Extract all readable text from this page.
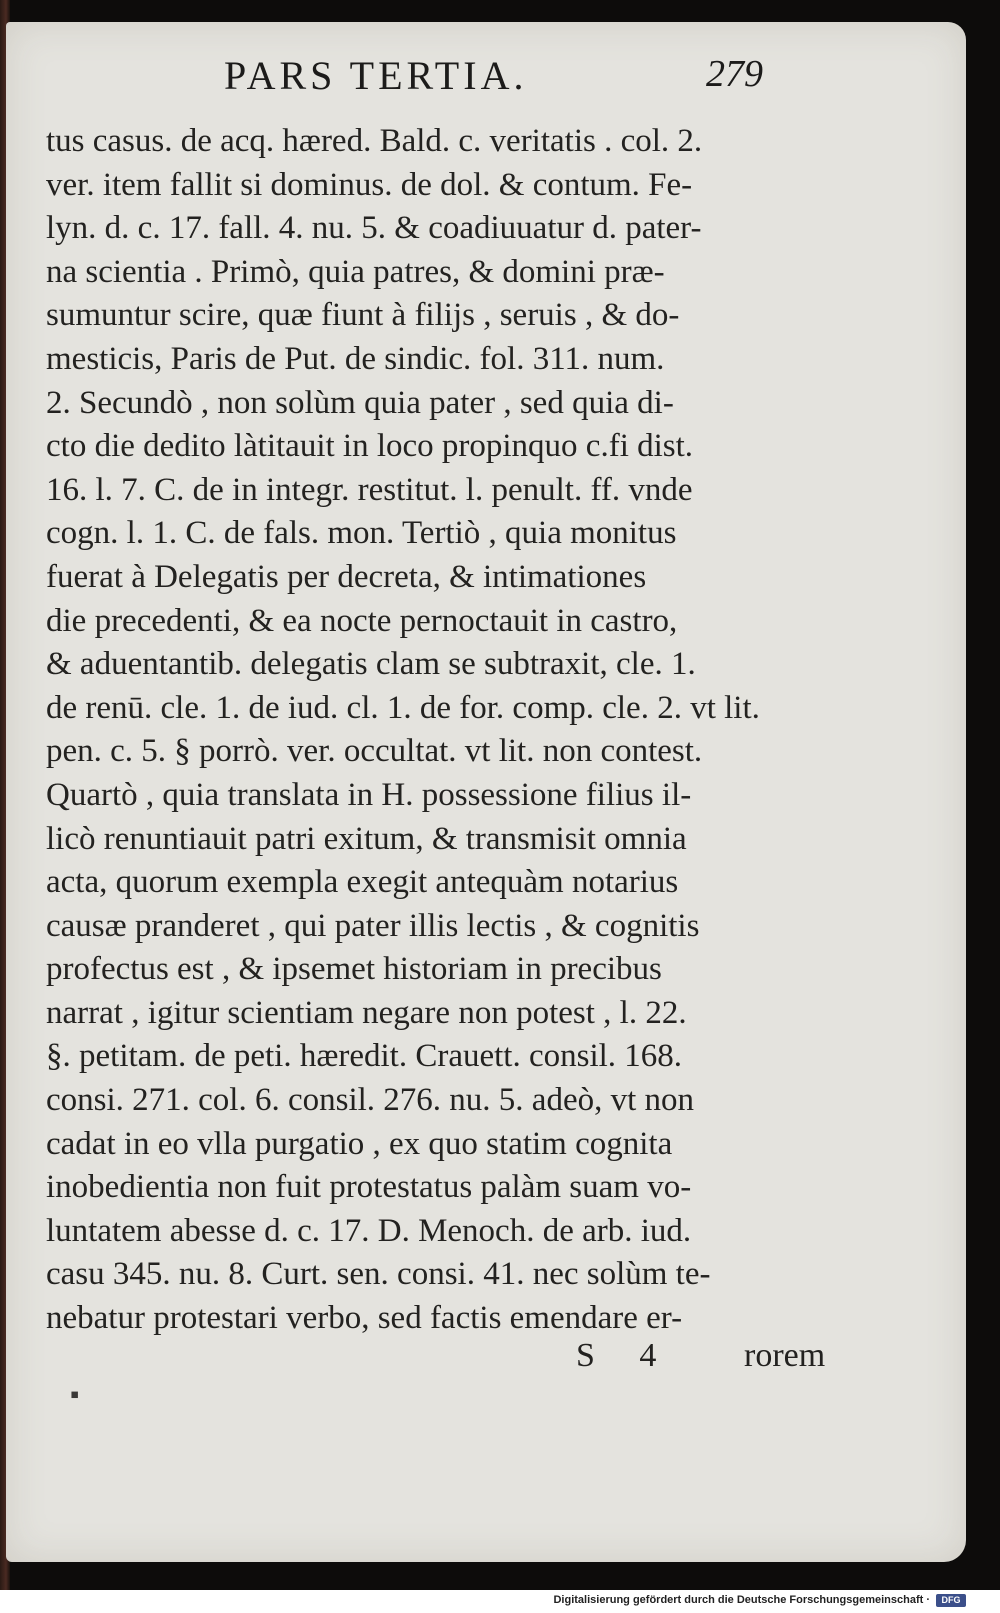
PARS TERTIA.	279
tus casus. de acq. hæred. Bald. c. veritatis . col. 2.
ver. item fallit si dominus. de dol. & contum. Fe-
lyn. d. c. 17. fall. 4. nu. 5. & coadiuuatur d. pater-
na scientia . Primò, quia patres, & domini præ-
sumuntur scire, quæ fiunt à filijs , seruis , & do-
mesticis, Paris de Put. de sindic. fol. 311. num.
2. Secundò , non solùm quia pater , sed quia di-
cto die dedito làtitauit in loco propinquo c.fi dist.
16. l. 7. C. de in integr. restitut. l. penult. ff. vnde
cogn. l. 1. C. de fals. mon. Tertiò , quia monitus
fuerat à Delegatis per decreta, & intimationes
die precedenti, & ea nocte pernoctauit in castro,
& aduentantib. delegatis clam se subtraxit, cle. 1.
de renū. cle. 1. de iud. cl. 1. de for. comp. cle. 2. vt lit.
pen. c. 5. § porrò. ver. occultat. vt lit. non contest.
Quartò , quia translata in H. possessione filius il-
licò renuntiauit patri exitum, & transmisit omnia
acta, quorum exempla exegit antequàm notarius
causæ pranderet , qui pater illis lectis , & cognitis
profectus est , & ipsemet historiam in precibus
narrat , igitur scientiam negare non potest , l. 22.
§. petitam. de peti. hæredit. Crauett. consil. 168.
consi. 271. col. 6. consil. 276. nu. 5. adeò, vt non
cadat in eo vlla purgatio , ex quo statim cognita
inobedientia non fuit protestatus palàm suam vo-
luntatem abesse d. c. 17. D. Menoch. de arb. iud.
casu 345. nu. 8. Curt. sen. consi. 41. nec solùm te-
nebatur protestari verbo, sed factis emendare er-
S 4 rorem
▪
Digitalisierung gefördert durch die Deutsche Forschungsgemeinschaft ·	DFG
